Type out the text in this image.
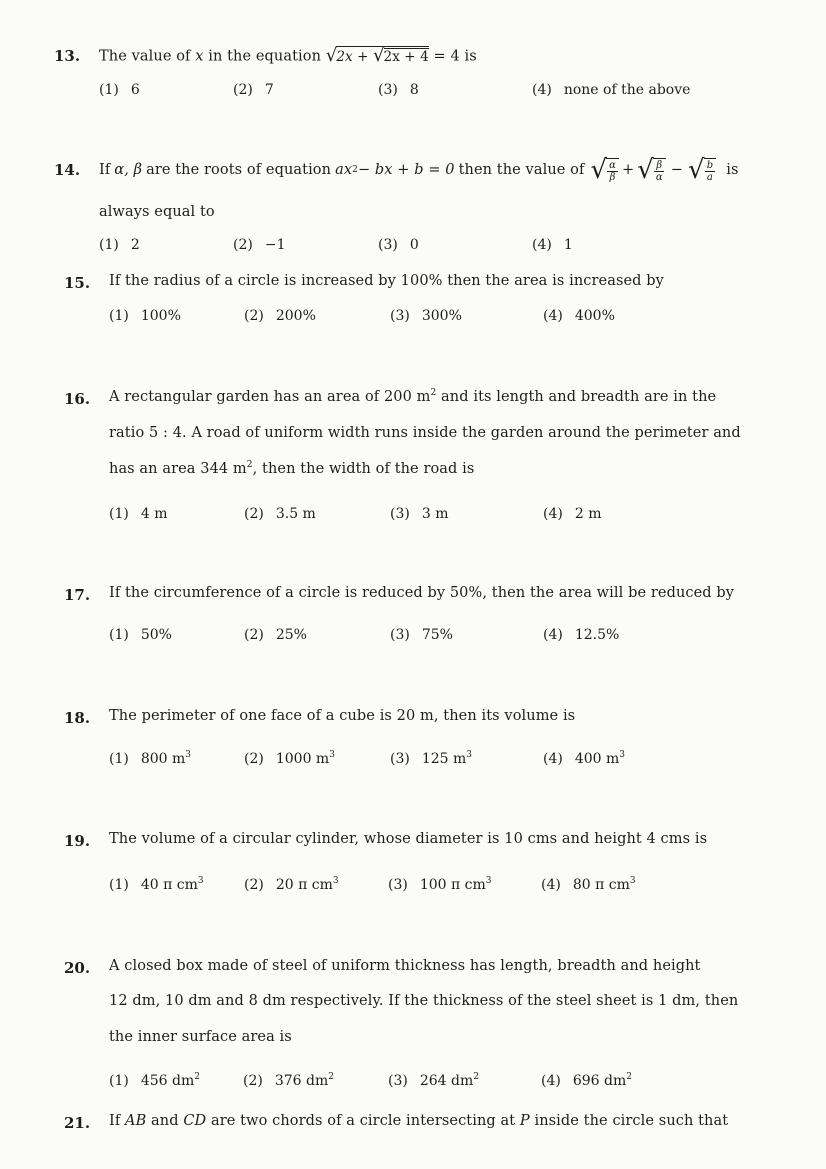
13. The value of x in the equation √ 2x + √ 2x + 4 = 4 is
(1) 6	(2) 7	(3) 8	(4) none of the above
14. If α, β are the roots of equation ax 2 − bx + b = 0 then the value of √ $\frac{\alpha}{\beta}$ + √ $\frac{\beta}{\alpha}$ − √ $\frac{b}{a}$ is
always equal to
(1) 2	(2) −1	(3) 0	(4) 1
15. If the radius of a circle is increased by 100% then the area is increased by
(1) 100%	(2) 200%	(3) 300%	(4) 400%
16. A rectangular garden has an area of 200 $m^2$ and its length and breadth are in the
ratio 5 : 4. A road of uniform width runs inside the garden around the perimeter and
has an area 344 $m^2$, then the width of the road is
(1) 4 m	(2) 3.5 m	(3) 3 m	(4) 2 m
17. If the circumference of a circle is reduced by 50%, then the area will be reduced by
(1) 50%	(2) 25%	(3) 75%	(4) 12.5%
18. The perimeter of one face of a cube is 20 m, then its volume is
(1) 800 $m^3$	(2) 1000 $m^3$	(3) 125 $m^3$	(4) 400 $m^3$
19. The volume of a circular cylinder, whose diameter is 10 cms and height 4 cms is
(1) 40 π $cm^3$	(2) 20 π $cm^3$	(3) 100 π $cm^3$	(4) 80 π $cm^3$
20. A closed box made of steel of uniform thickness has length, breadth and height
12 dm, 10 dm and 8 dm respectively. If the thickness of the steel sheet is 1 dm, then
the inner surface area is
(1) 456 $dm^2$	(2) 376 $dm^2$	(3) 264 $dm^2$	(4) 696 $dm^2$
21. If AB and CD are two chords of a circle intersecting at P inside the circle such that
